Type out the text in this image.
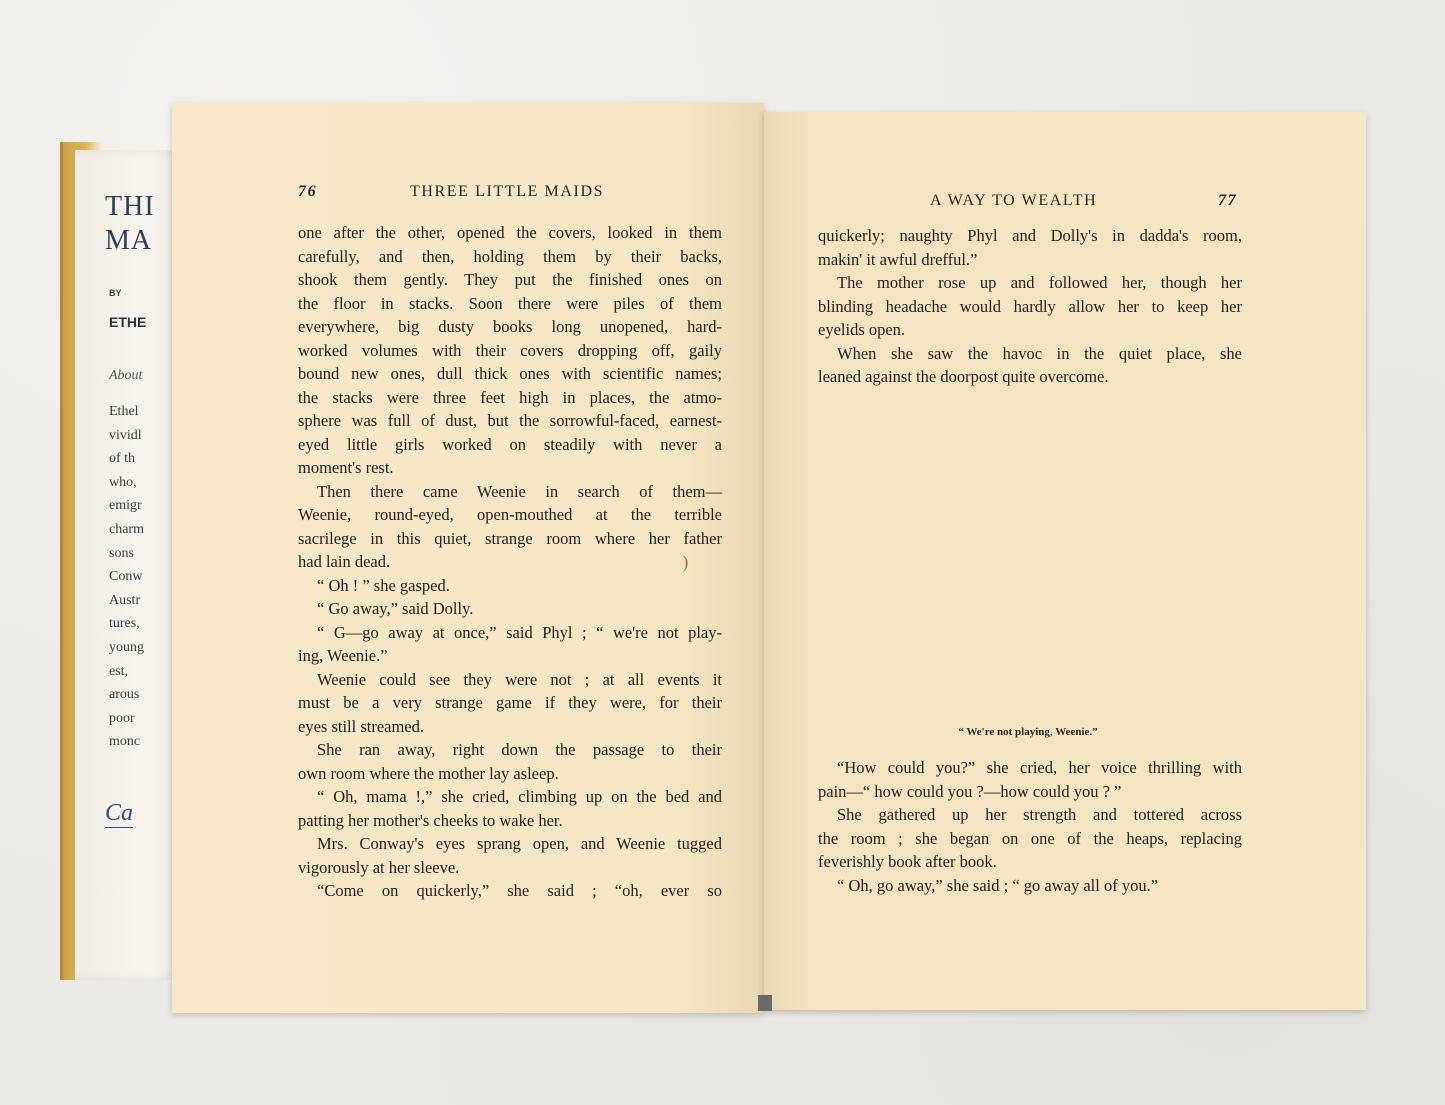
THI
MA
BY
ETHE
About
Ethel
vividl
of th
who,
emigr
charm
sons
Conw
Austr
tures,
young
est,
arous
poor
monc
Ca
76	THREE LITTLE MAIDS
one after the other, opened the covers, looked in them
carefully, and then, holding them by their backs,
shook them gently. They put the finished ones on
the floor in stacks. Soon there were piles of them
everywhere, big dusty books long unopened, hard-
worked volumes with their covers dropping off, gaily
bound new ones, dull thick ones with scientific names;
the stacks were three feet high in places, the atmo-
sphere was full of dust, but the sorrowful-faced, earnest-
eyed little girls worked on steadily with never a
moment's rest.
Then there came Weenie in search of them—
Weenie, round-eyed, open-mouthed at the terrible
sacrilege in this quiet, strange room where her father
had lain dead.
“ Oh ! ” she gasped.
“ Go away,” said Dolly.
“ G—go away at once,” said Phyl ; “ we're not play-
ing, Weenie.”
Weenie could see they were not ; at all events it
must be a very strange game if they were, for their
eyes still streamed.
She ran away, right down the passage to their
own room where the mother lay asleep.
“ Oh, mama !,” she cried, climbing up on the bed and
patting her mother's cheeks to wake her.
Mrs. Conway's eyes sprang open, and Weenie tugged
vigorously at her sleeve.
“Come on quickerly,” she said ; “oh, ever so
)
A WAY TO WEALTH	77
quickerly; naughty Phyl and Dolly's in dadda's room,
makin' it awful drefful.”
The mother rose up and followed her, though her
blinding headache would hardly allow her to keep her
eyelids open.
When she saw the havoc in the quiet place, she
leaned against the doorpost quite overcome.
“ We're not playing, Weenie.”
“How could you?” she cried, her voice thrilling with
pain—“ how could you ?—how could you ? ”
She gathered up her strength and tottered across
the room ; she began on one of the heaps, replacing
feverishly book after book.
“ Oh, go away,” she said ; “ go away all of you.”
